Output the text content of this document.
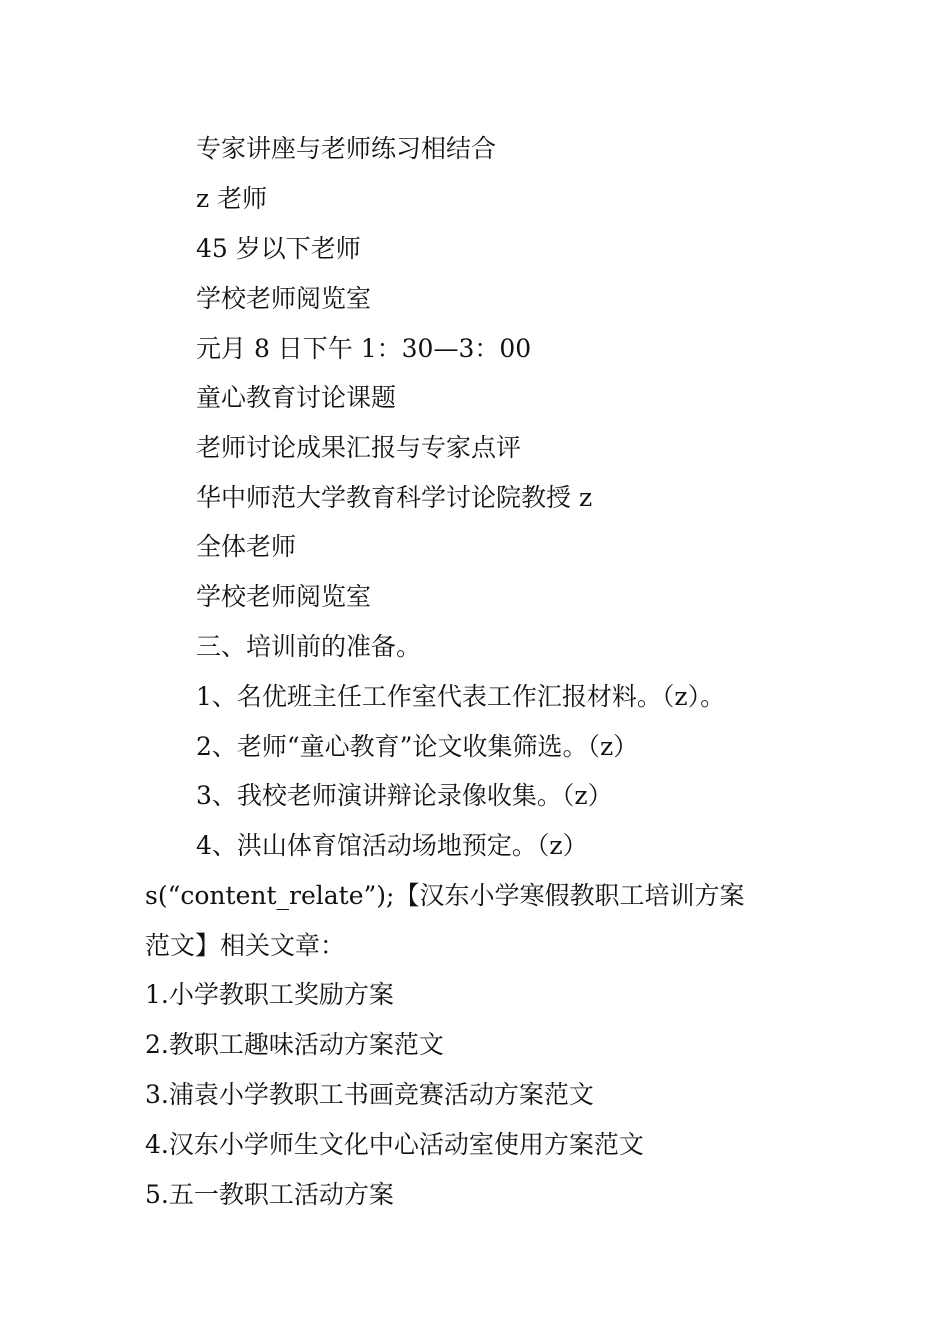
专家讲座与老师练习相结合
z 老师
45 岁以下老师
学校老师阅览室
元月 8 日下午 1：30—3：00
童心教育讨论课题
老师讨论成果汇报与专家点评
华中师范大学教育科学讨论院教授 z
全体老师
学校老师阅览室
三、培训前的准备。
1、名优班主任工作室代表工作汇报材料。（z）。
2、老师“童心教育”论文收集筛选。（z）
3、我校老师演讲辩论录像收集。（z）
4、洪山体育馆活动场地预定。（z）
s(“content_relate”);【汉东小学寒假教职工培训方案
范文】相关文章：
1.小学教职工奖励方案
2.教职工趣味活动方案范文
3.浦袁小学教职工书画竞赛活动方案范文
4.汉东小学师生文化中心活动室使用方案范文
5.五一教职工活动方案
